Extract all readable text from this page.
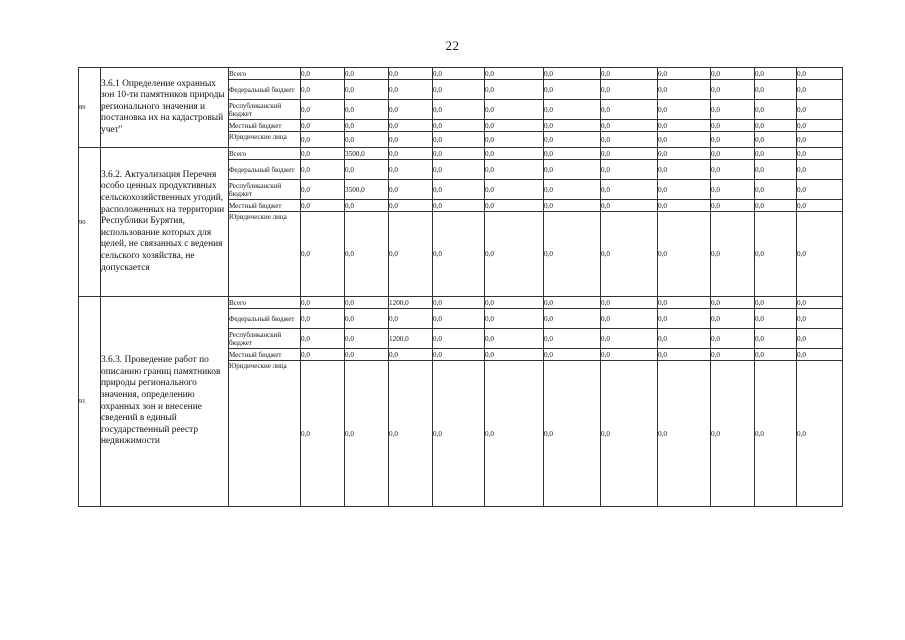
22
89	3.6.1 Определение охранных зон 10-ти памятников природы регионального значения и постановка их на кадастровый учет"	Всего	0,0	0,0	0,0	0,0	0,0	0,0	0,0	0,0	0,0	0,0	0,0
		Федеральный бюджет	0,0	0,0	0,0	0,0	0,0	0,0	0,0	0,0	0,0	0,0	0,0
		Республиканский бюджет	0,0	0,0	0,0	0,0	0,0	0,0	0,0	0,0	0,0	0,0	0,0
		Местный бюджет	0,0	0,0	0,0	0,0	0,0	0,0	0,0	0,0	0,0	0,0	0,0
		Юридические лица	0,0	0,0	0,0	0,0	0,0	0,0	0,0	0,0	0,0	0,0	0,0
90	3.6.2. Актуализация Перечня особо ценных продуктивных сельскохозяйственных угодий, расположенных на территории Республики Бурятия, использование которых для целей, не связанных с ведения сельского хозяйства, не допускается	Всего	0,0	3500,0	0,0	0,0	0,0	0,0	0,0	0,0	0,0	0,0	0,0
		Федеральный бюджет	0,0	0,0	0,0	0,0	0,0	0,0	0,0	0,0	0,0	0,0	0,0
		Республиканский бюджет	0,0	3500,0	0,0	0,0	0,0	0,0	0,0	0,0	0,0	0,0	0,0
		Местный бюджет	0,0	0,0	0,0	0,0	0,0	0,0	0,0	0,0	0,0	0,0	0,0
		Юридические лица	0,0	0,0	0,0	0,0	0,0	0,0	0,0	0,0	0,0	0,0	0,0
91	3.6.3. Проведение работ по описанию границ памятников природы регионального значения, определению охранных зон и внесение сведений в единый государственный реестр недвижимости	Всего	0,0	0,0	1200,0	0,0	0,0	0,0	0,0	0,0	0,0	0,0	0,0
		Федеральный бюджет	0,0	0,0	0,0	0,0	0,0	0,0	0,0	0,0	0,0	0,0	0,0
		Республиканский бюджет	0,0	0,0	1200,0	0,0	0,0	0,0	0,0	0,0	0,0	0,0	0,0
		Местный бюджет	0,0	0,0	0,0	0,0	0,0	0,0	0,0	0,0	0,0	0,0	0,0
		Юридические лица	0,0	0,0	0,0	0,0	0,0	0,0	0,0	0,0	0,0	0,0	0,0
